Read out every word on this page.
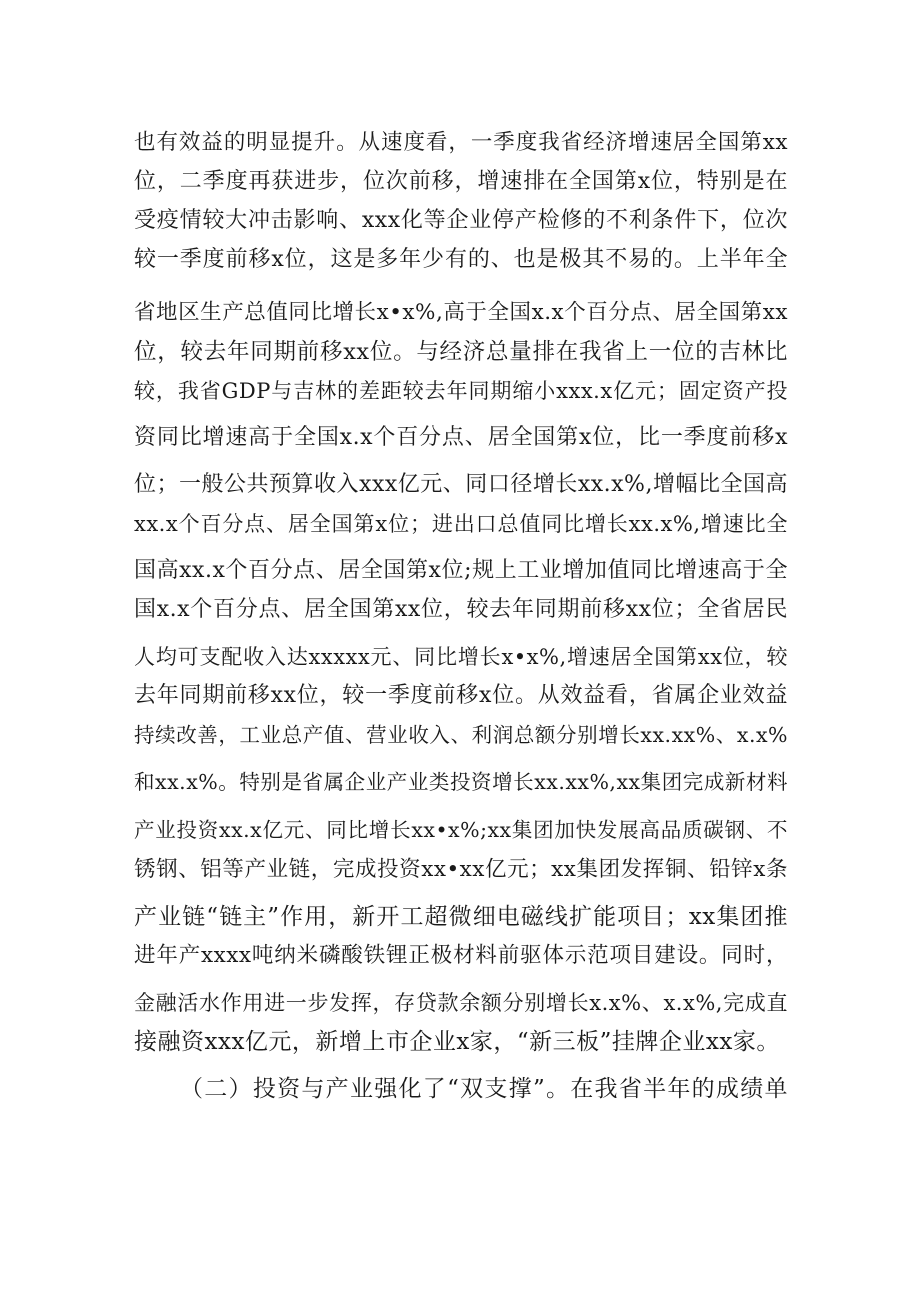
也有效益的明显提升。从速度看，一季度我省经济增速居全国第xx
位，二季度再获进步，位次前移，增速排在全国第x位，特别是在
受疫情较大冲击影响、xxx化等企业停产检修的不利条件下，位次
较一季度前移x位，这是多年少有的、也是极其不易的。上半年全
省地区生产总值同比增长x•x%,高于全国x.x个百分点、居全国第xx
位，较去年同期前移xx位。与经济总量排在我省上一位的吉林比
较，我省GDP与吉林的差距较去年同期缩小xxx.x亿元；固定资产投
资同比增速高于全国x.x个百分点、居全国第x位，比一季度前移x
位；一般公共预算收入xxx亿元、同口径增长xx.x%,增幅比全国高
xx.x个百分点、居全国第x位；进出口总值同比增长xx.x%,增速比全
国高xx.x个百分点、居全国第x位;规上工业增加值同比增速高于全
国x.x个百分点、居全国第xx位，较去年同期前移xx位；全省居民
人均可支配收入达xxxxx元、同比增长x•x%,增速居全国第xx位，较
去年同期前移xx位，较一季度前移x位。从效益看，省属企业效益
持续改善，工业总产值、营业收入、利润总额分别增长xx.xx%、x.x%
和xx.x%。特别是省属企业产业类投资增长xx.xx%,xx集团完成新材料
产业投资xx.x亿元、同比增长xx•x%;xx集团加快发展高品质碳钢、不
锈钢、铝等产业链，完成投资xx•xx亿元；xx集团发挥铜、铅锌x条
产业链“链主”作用，新开工超微细电磁线扩能项目；xx集团推
进年产xxxx吨纳米磷酸铁锂正极材料前驱体示范项目建设。同时，
金融活水作用进一步发挥，存贷款余额分别增长x.x%、x.x%,完成直
接融资xxx亿元，新增上市企业x家，“新三板”挂牌企业xx家。
（二）投资与产业强化了“双支撑”。在我省半年的成绩单
